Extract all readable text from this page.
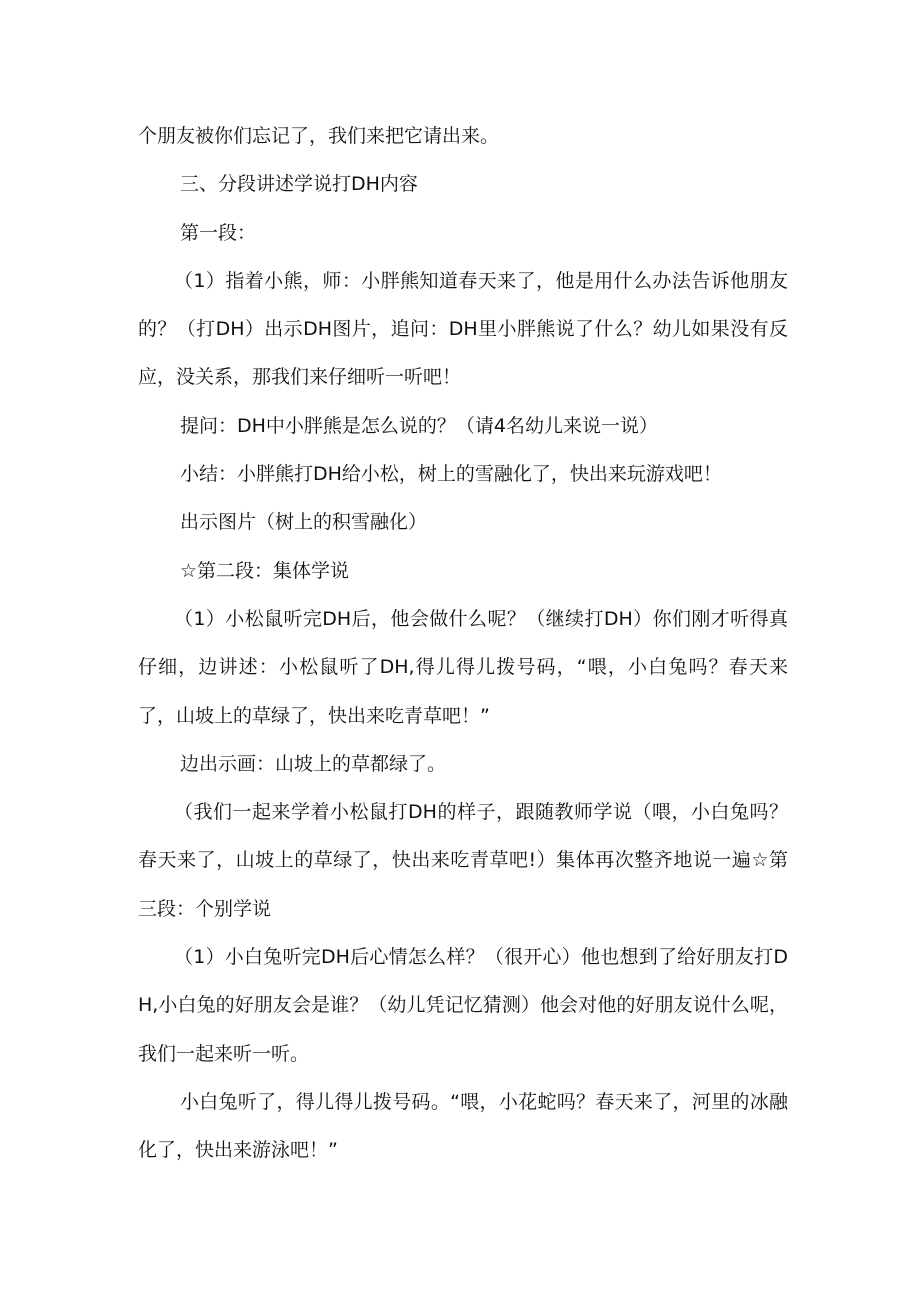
个朋友被你们忘记了，我们来把它请出来。

三、分段讲述学说打DH内容

第一段：

（1）指着小熊，师：小胖熊知道春天来了，他是用什么办法告诉他朋友的？（打DH）出示DH图片，追问：DH里小胖熊说了什么？幼儿如果没有反应，没关系，那我们来仔细听一听吧！

提问：DH中小胖熊是怎么说的？（请4名幼儿来说一说）

小结：小胖熊打DH给小松，树上的雪融化了，快出来玩游戏吧！

出示图片（树上的积雪融化）

☆第二段：集体学说

（1）小松鼠听完DH后，他会做什么呢？（继续打DH）你们刚才听得真仔细，边讲述：小松鼠听了DH,得儿得儿拨号码，“喂，小白兔吗？春天来了，山坡上的草绿了，快出来吃青草吧！”

边出示画：山坡上的草都绿了。

（我们一起来学着小松鼠打DH的样子，跟随教师学说（喂，小白兔吗？春天来了，山坡上的草绿了，快出来吃青草吧!）集体再次整齐地说一遍☆第三段：个别学说

（1）小白兔听完DH后心情怎么样？（很开心）他也想到了给好朋友打DH,小白兔的好朋友会是谁？（幼儿凭记忆猜测）他会对他的好朋友说什么呢，我们一起来听一听。

小白兔听了，得儿得儿拨号码。“喂，小花蛇吗？春天来了，河里的冰融化了，快出来游泳吧！”
